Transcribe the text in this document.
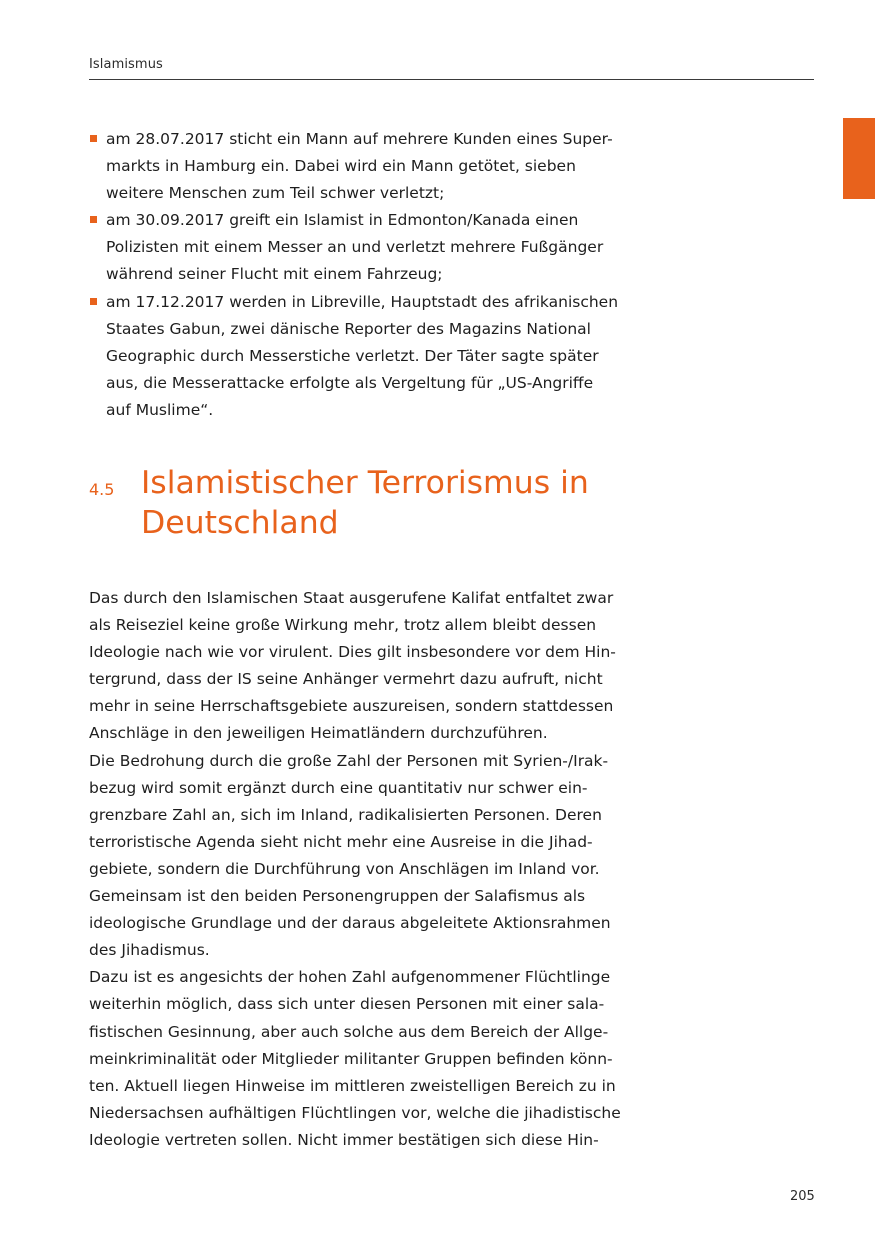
Islamismus
am 28.07.2017 sticht ein Mann auf mehrere Kunden eines Super-
markts in Hamburg ein. Dabei wird ein Mann getötet, sieben
weitere Menschen zum Teil schwer verletzt;
am 30.09.2017 greift ein Islamist in Edmonton/Kanada einen
Polizisten mit einem Messer an und verletzt mehrere Fußgänger
während seiner Flucht mit einem Fahrzeug;
am 17.12.2017 werden in Libreville, Hauptstadt des afrikanischen
Staates Gabun, zwei dänische Reporter des Magazins National
Geographic durch Messerstiche verletzt. Der Täter sagte später
aus, die Messerattacke erfolgte als Vergeltung für „US-Angriffe
auf Muslime“.
4.5 Islamistischer Terrorismus in
Deutschland

Das durch den Islamischen Staat ausgerufene Kalifat entfaltet zwar
als Reiseziel keine große Wirkung mehr, trotz allem bleibt dessen
Ideologie nach wie vor virulent. Dies gilt insbesondere vor dem Hin-
tergrund, dass der IS seine Anhänger vermehrt dazu aufruft, nicht
mehr in seine Herrschaftsgebiete auszureisen, sondern stattdessen
Anschläge in den jeweiligen Heimatländern durchzuführen.

Die Bedrohung durch die große Zahl der Personen mit Syrien-/Irak-
bezug wird somit ergänzt durch eine quantitativ nur schwer ein-
grenzbare Zahl an, sich im Inland, radikalisierten Personen. Deren
terroristische Agenda sieht nicht mehr eine Ausreise in die Jihad-
gebiete, sondern die Durchführung von Anschlägen im Inland vor.
Gemeinsam ist den beiden Personengruppen der Salafismus als
ideologische Grundlage und der daraus abgeleitete Aktionsrahmen
des Jihadismus.

Dazu ist es angesichts der hohen Zahl aufgenommener Flüchtlinge
weiterhin möglich, dass sich unter diesen Personen mit einer sala-
fistischen Gesinnung, aber auch solche aus dem Bereich der Allge-
meinkriminalität oder Mitglieder militanter Gruppen befinden könn-
ten. Aktuell liegen Hinweise im mittleren zweistelligen Bereich zu in
Niedersachsen aufhältigen Flüchtlingen vor, welche die jihadistische
Ideologie vertreten sollen. Nicht immer bestätigen sich diese Hin-

205
